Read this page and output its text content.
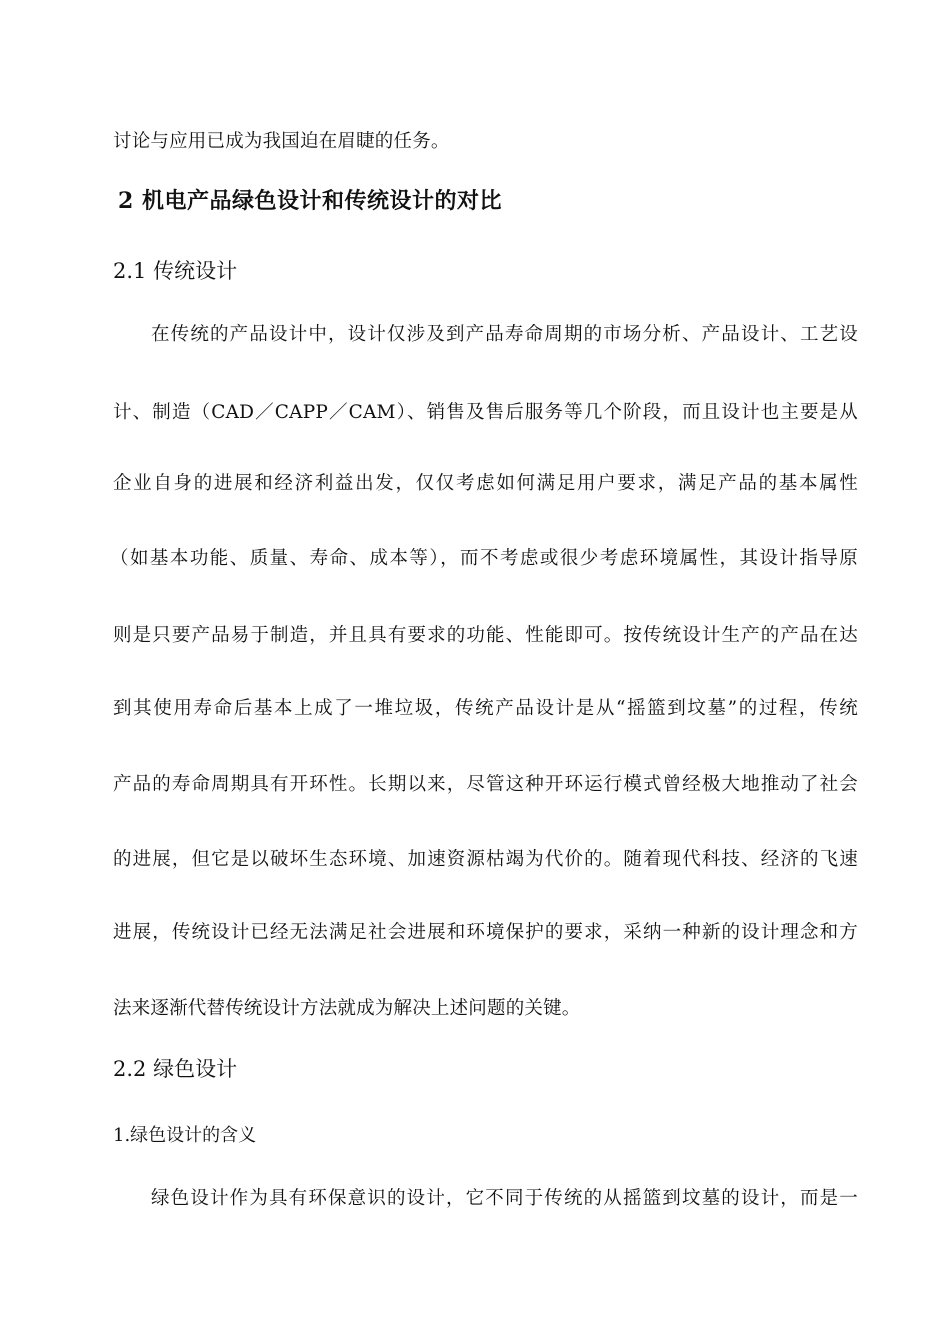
讨论与应用已成为我国迫在眉睫的任务。

2 机电产品绿色设计和传统设计的对比
2.1 传统设计

在传统的产品设计中，设计仅涉及到产品寿命周期的市场分析、产品设计、工艺设

计、制造（CAD／CAPP／CAM）、销售及售后服务等几个阶段，而且设计也主要是从

企业自身的进展和经济利益出发，仅仅考虑如何满足用户要求，满足产品的基本属性

（如基本功能、质量、寿命、成本等），而不考虑或很少考虑环境属性，其设计指导原

则是只要产品易于制造，并且具有要求的功能、性能即可。按传统设计生产的产品在达

到其使用寿命后基本上成了一堆垃圾，传统产品设计是从“摇篮到坟墓”的过程，传统

产品的寿命周期具有开环性。长期以来，尽管这种开环运行模式曾经极大地推动了社会

的进展，但它是以破坏生态环境、加速资源枯竭为代价的。随着现代科技、经济的飞速

进展，传统设计已经无法满足社会进展和环境保护的要求，采纳一种新的设计理念和方

法来逐渐代替传统设计方法就成为解决上述问题的关键。

2.2 绿色设计
1.绿色设计的含义

绿色设计作为具有环保意识的设计，它不同于传统的从摇篮到坟墓的设计，而是一
